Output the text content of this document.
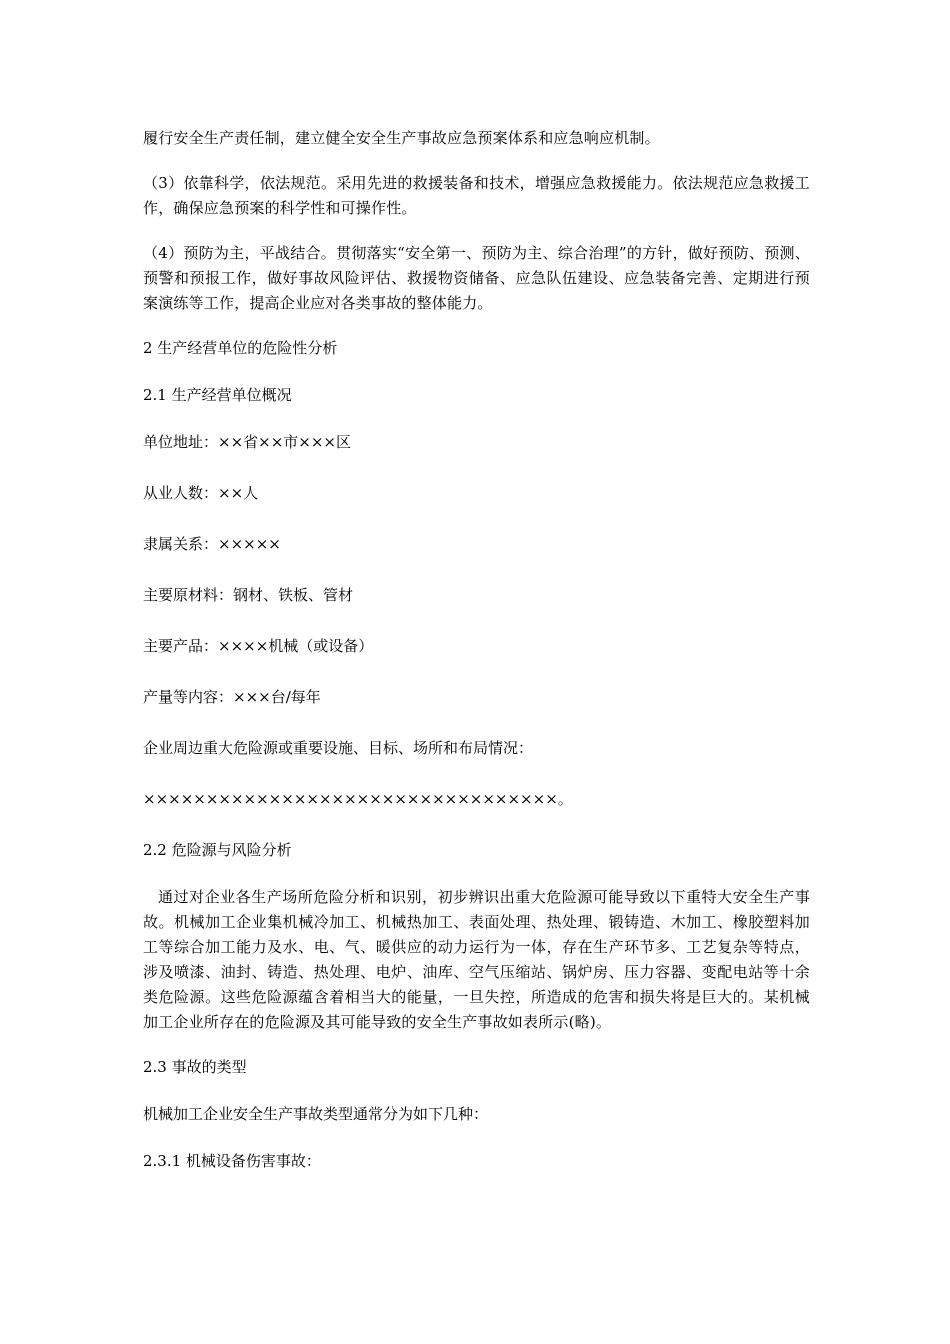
履行安全生产责任制，建立健全安全生产事故应急预案体系和应急响应机制。

（3）依靠科学，依法规范。采用先进的救援装备和技术，增强应急救援能力。依法规范应急救援工作，确保应急预案的科学性和可操作性。

（4）预防为主，平战结合。贯彻落实“安全第一、预防为主、综合治理”的方针，做好预防、预测、预警和预报工作，做好事故风险评估、救援物资储备、应急队伍建设、应急装备完善、定期进行预案演练等工作，提高企业应对各类事故的整体能力。

2 生产经营单位的危险性分析

2.1 生产经营单位概况

单位地址：××省××市×××区

从业人数：××人

隶属关系：×××××

主要原材料：钢材、铁板、管材

主要产品：××××机械（或设备）

产量等内容：×××台/每年

企业周边重大危险源或重要设施、目标、场所和布局情况：

×××××××××××××××××××××××××××××××××。

2.2 危险源与风险分析

通过对企业各生产场所危险分析和识别，初步辨识出重大危险源可能导致以下重特大安全生产事故。机械加工企业集机械冷加工、机械热加工、表面处理、热处理、锻铸造、木加工、橡胶塑料加工等综合加工能力及水、电、气、暖供应的动力运行为一体，存在生产环节多、工艺复杂等特点，涉及喷漆、油封、铸造、热处理、电炉、油库、空气压缩站、锅炉房、压力容器、变配电站等十余类危险源。这些危险源蕴含着相当大的能量，一旦失控，所造成的危害和损失将是巨大的。某机械加工企业所存在的危险源及其可能导致的安全生产事故如表所示(略)。

2.3 事故的类型

机械加工企业安全生产事故类型通常分为如下几种：

2.3.1 机械设备伤害事故：
